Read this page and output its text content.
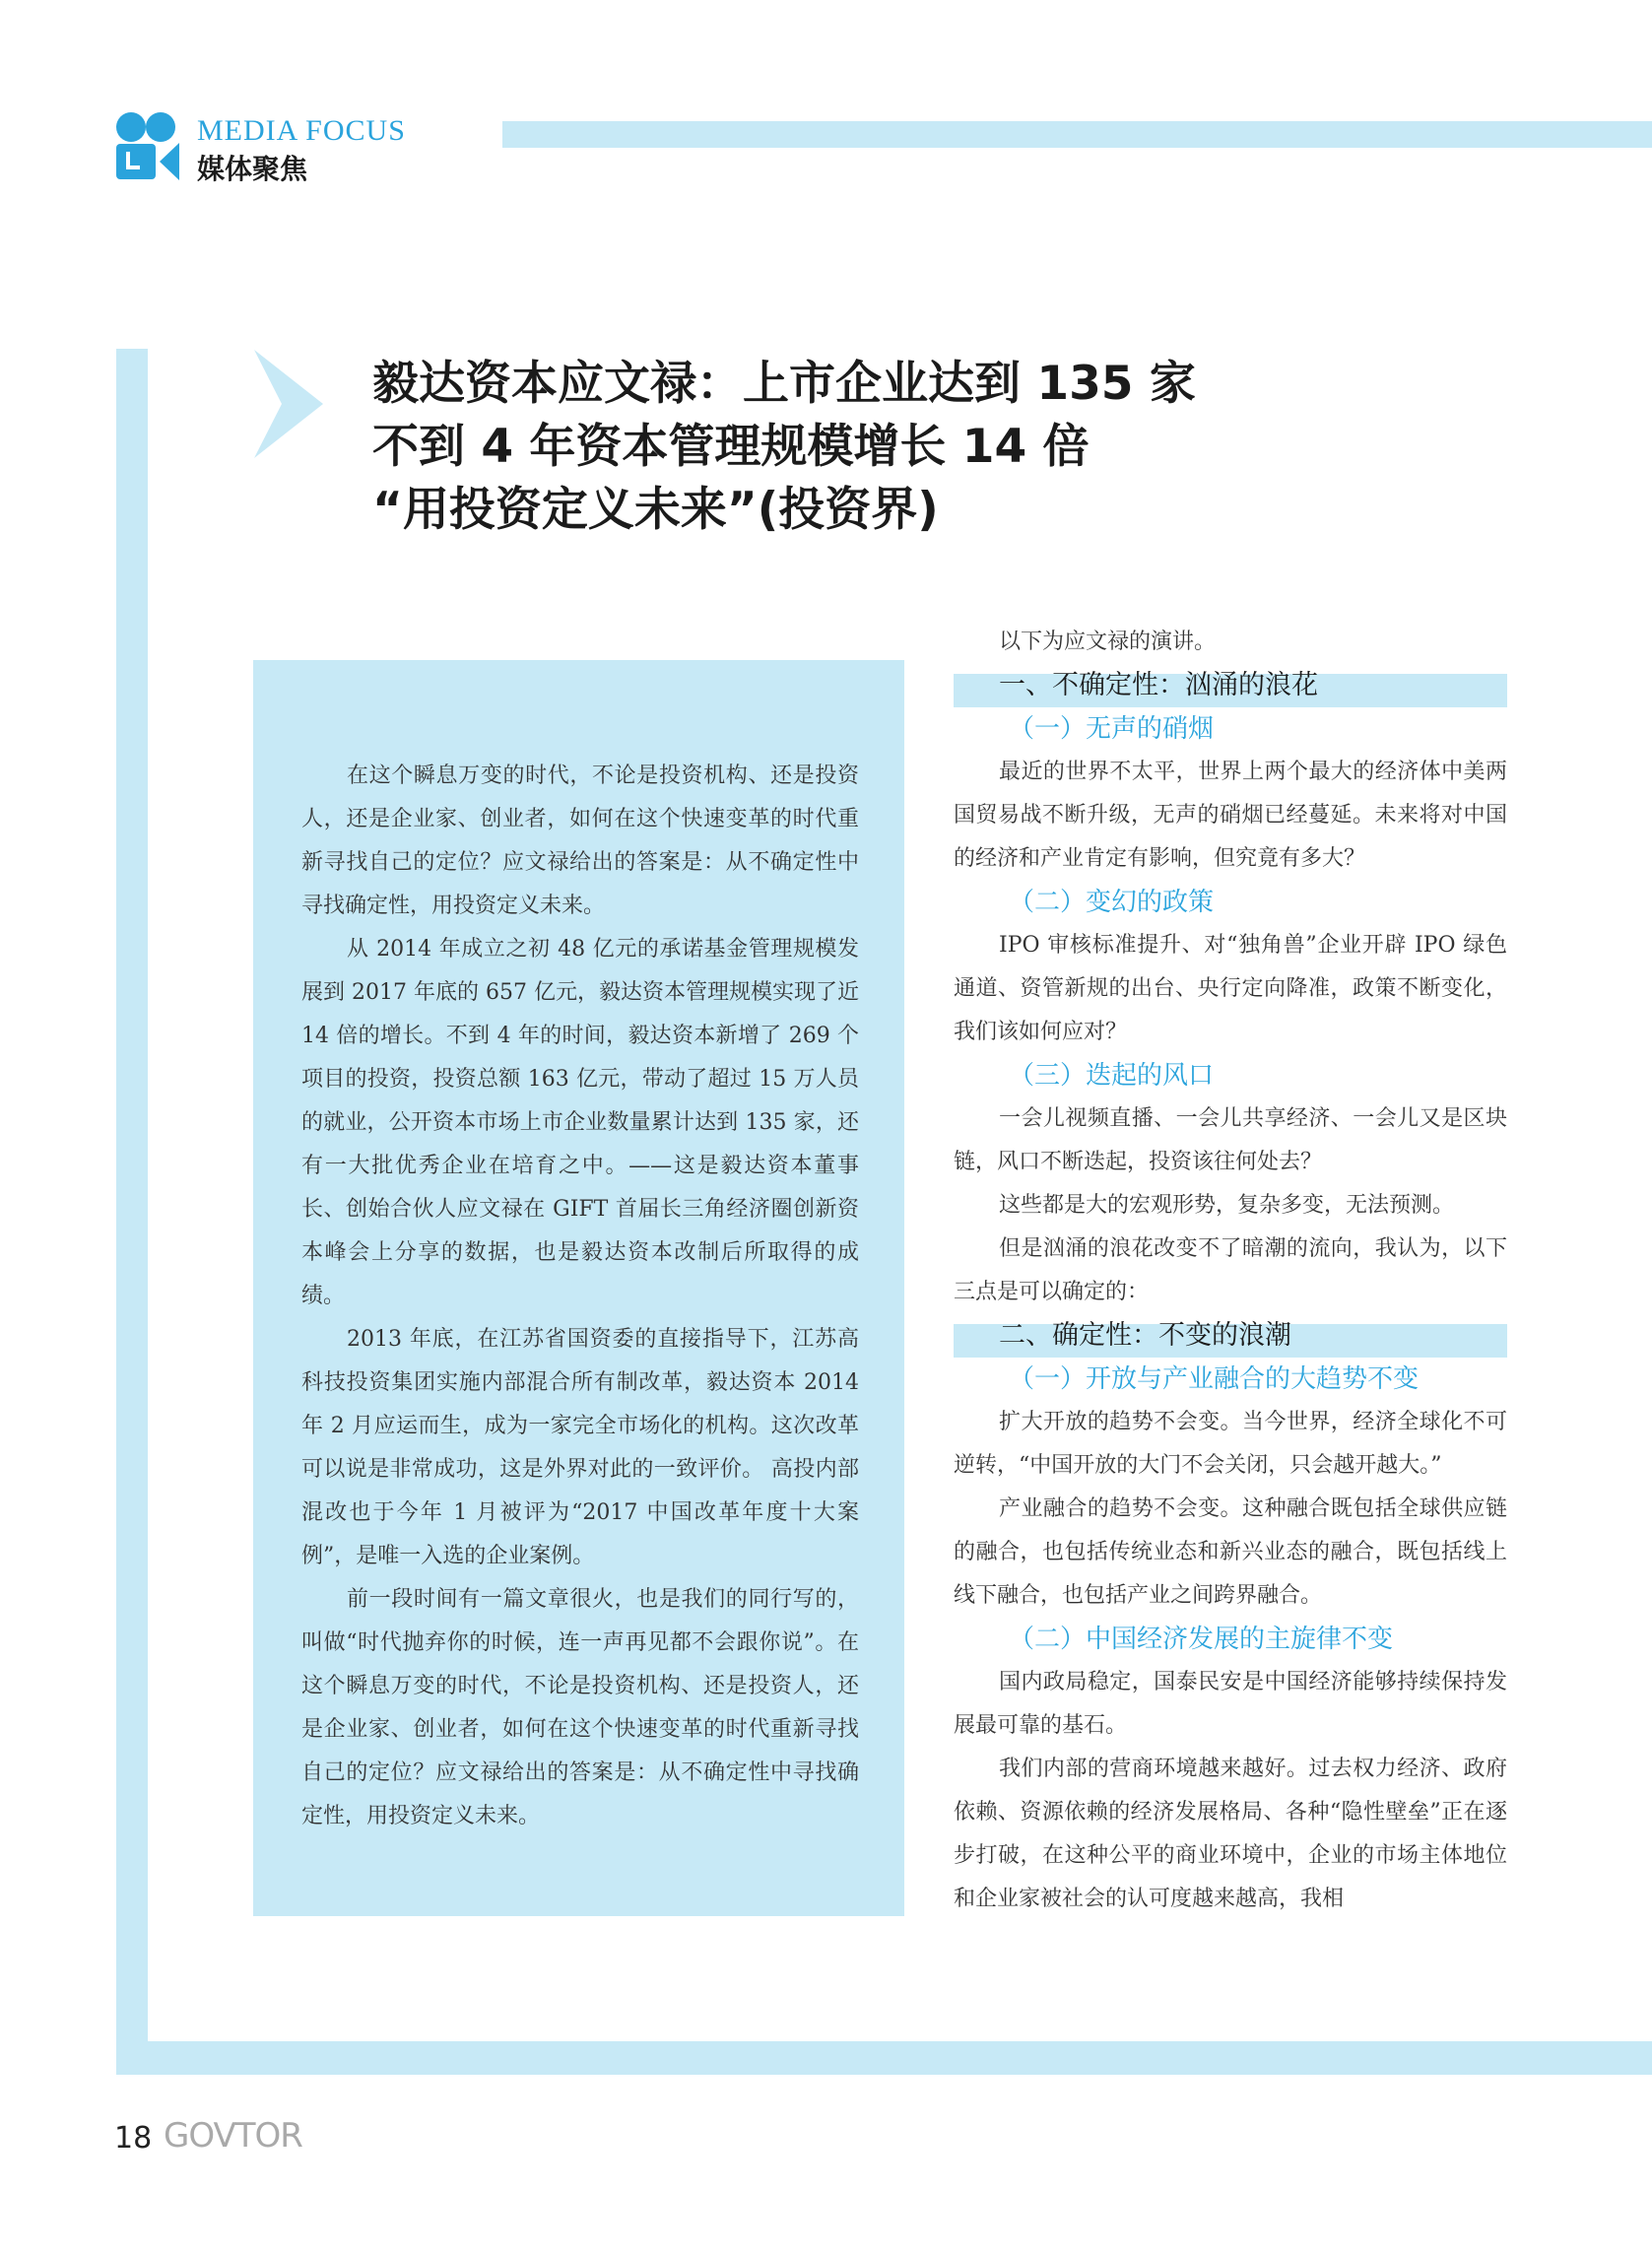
MEDIA FOCUS
媒体聚焦
毅达资本应文禄：上市企业达到 135 家
不到 4 年资本管理规模增长 14 倍
“用投资定义未来”(投资界)

在这个瞬息万变的时代，不论是投资机构、还是投资人，还是企业家、创业者，如何在这个快速变革的时代重新寻找自己的定位？应文禄给出的答案是：从不确定性中寻找确定性，用投资定义未来。

从 2014 年成立之初 48 亿元的承诺基金管理规模发展到 2017 年底的 657 亿元，毅达资本管理规模实现了近 14 倍的增长。不到 4 年的时间，毅达资本新增了 269 个项目的投资，投资总额 163 亿元，带动了超过 15 万人员的就业，公开资本市场上市企业数量累计达到 135 家，还有一大批优秀企业在培育之中。——这是毅达资本董事长、创始合伙人应文禄在 GIFT 首届长三角经济圈创新资本峰会上分享的数据，也是毅达资本改制后所取得的成绩。

2013 年底，在江苏省国资委的直接指导下，江苏高科技投资集团实施内部混合所有制改革，毅达资本 2014 年 2 月应运而生，成为一家完全市场化的机构。这次改革可以说是非常成功，这是外界对此的一致评价。 高投内部混改也于今年 1 月被评为“2017 中国改革年度十大案例”，是唯一入选的企业案例。

前一段时间有一篇文章很火，也是我们的同行写的，叫做“时代抛弃你的时候，连一声再见都不会跟你说”。在这个瞬息万变的时代，不论是投资机构、还是投资人，还是企业家、创业者，如何在这个快速变革的时代重新寻找自己的定位？应文禄给出的答案是：从不确定性中寻找确定性，用投资定义未来。

以下为应文禄的演讲。

一、不确定性：汹涌的浪花
（一）无声的硝烟

最近的世界不太平，世界上两个最大的经济体中美两国贸易战不断升级，无声的硝烟已经蔓延。未来将对中国的经济和产业肯定有影响，但究竟有多大？

（二）变幻的政策

IPO 审核标准提升、对“独角兽”企业开辟 IPO 绿色通道、资管新规的出台、央行定向降准，政策不断变化，我们该如何应对？

（三）迭起的风口

一会儿视频直播、一会儿共享经济、一会儿又是区块链，风口不断迭起，投资该往何处去？

这些都是大的宏观形势，复杂多变，无法预测。

但是汹涌的浪花改变不了暗潮的流向，我认为，以下三点是可以确定的：

二、确定性：不变的浪潮
（一）开放与产业融合的大趋势不变

扩大开放的趋势不会变。当今世界，经济全球化不可逆转，“中国开放的大门不会关闭，只会越开越大。”

产业融合的趋势不会变。这种融合既包括全球供应链的融合，也包括传统业态和新兴业态的融合，既包括线上线下融合，也包括产业之间跨界融合。

（二）中国经济发展的主旋律不变

国内政局稳定，国泰民安是中国经济能够持续保持发展最可靠的基石。

我们内部的营商环境越来越好。过去权力经济、政府依赖、资源依赖的经济发展格局、各种“隐性壁垒”正在逐步打破，在这种公平的商业环境中，企业的市场主体地位和企业家被社会的认可度越来越高，我相

18 GOVTOR
